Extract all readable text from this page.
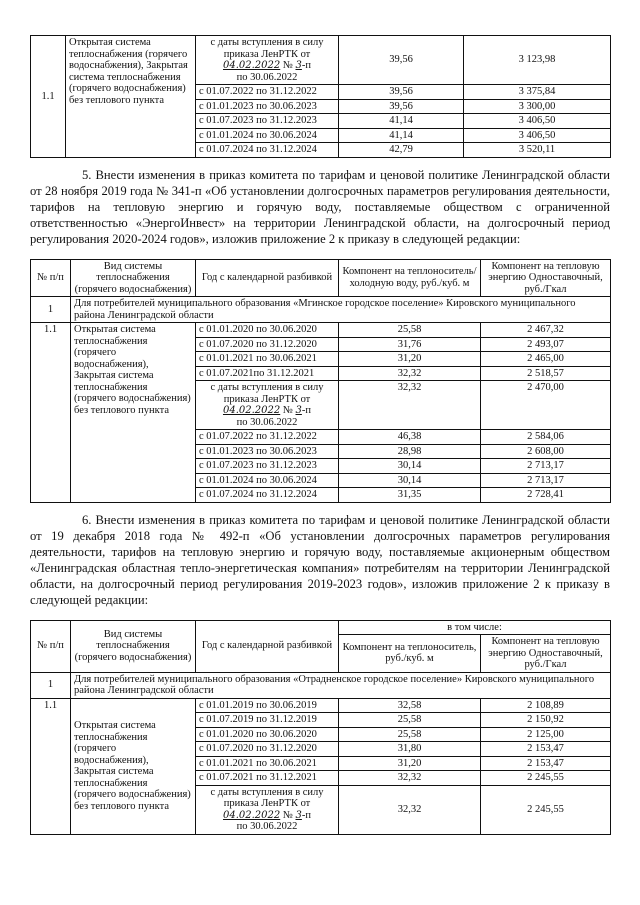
1.1	Открытая система теплоснабжения (горячего водоснабжения), Закрытая система теплоснабжения (горячего водоснабжения) без теплового пункта	с даты вступления в силу приказа ЛенРТК от
04.02.2022 № 3-п
по 30.06.2022	39,56	3 123,98
		с 01.07.2022 по 31.12.2022	39,56	3 375,84
		с 01.01.2023 по 30.06.2023	39,56	3 300,00
		с 01.07.2023 по 31.12.2023	41,14	3 406,50
		с 01.01.2024 по 30.06.2024	41,14	3 406,50
		с 01.07.2024 по 31.12.2024	42,79	3 520,11
5. Внести изменения в приказ комитета по тарифам и ценовой политике Ленинградской области от 28 ноября 2019 года № 341-п «Об установлении долгосрочных параметров регулирования деятельности, тарифов на тепловую энергию и горячую воду, поставляемые обществом с ограниченной ответственностью «ЭнергоИнвест» на территории Ленинградской области, на долгосрочный период регулирования 2020-2024 годов», изложив приложение 2 к приказу в следующей редакции:
№ п/п	Вид системы теплоснабжения (горячего водоснабжения)	Год с календарной разбивкой	Компонент на теплоноситель/холодную воду, руб./куб. м	Компонент на тепловую энергию Одноставочный, руб./Гкал
1	Для потребителей муниципального образования «Мгинское городское поселение» Кировского муниципального района Ленинградской области			
1.1	Открытая система теплоснабжения (горячего водоснабжения), Закрытая система теплоснабжения (горячего водоснабжения) без теплового пункта	с 01.01.2020 по 30.06.2020	25,58	2 467,32
		с 01.07.2020 по 31.12.2020	31,76	2 493,07
		с 01.01.2021 по 30.06.2021	31,20	2 465,00
		с 01.07.2021по 31.12.2021	32,32	2 518,57

		с даты вступления в силу приказа ЛенРТК от
04.02.2022 № 3-п
по 30.06.2022	32,32	2 470,00
		с 01.07.2022 по 31.12.2022	46,38	2 584,06
		с 01.01.2023 по 30.06.2023	28,98	2 608,00
		с 01.07.2023 по 31.12.2023	30,14	2 713,17
		с 01.01.2024 по 30.06.2024	30,14	2 713,17
		с 01.07.2024 по 31.12.2024	31,35	2 728,41
6. Внести изменения в приказ комитета по тарифам и ценовой политике Ленинградской области от 19 декабря 2018 года № 492-п «Об установлении долгосрочных параметров регулирования деятельности, тарифов на тепловую энергию и горячую воду, поставляемые акционерным обществом «Ленинградская областная тепло-энергетическая компания» потребителям на территории Ленинградской области, на долгосрочный период регулирования 2019-2023 годов», изложив приложение 2 к приказу в следующей редакции:
№ п/п	Вид системы теплоснабжения (горячего водоснабжения)	Год с календарной разбивкой	в том числе:	
			Компонент на теплоноситель, руб./куб. м	Компонент на тепловую энергию Одноставочный, руб./Гкал
1	Для потребителей муниципального образования «Отрадненское городское поселение» Кировского муниципального района Ленинградской области			
1.1	Открытая система теплоснабжения (горячего водоснабжения), Закрытая система теплоснабжения (горячего водоснабжения) без теплового пункта	с 01.01.2019 по 30.06.2019	32,58	2 108,89
		с 01.07.2019 по 31.12.2019	25,58	2 150,92
		с 01.01.2020 по 30.06.2020	25,58	2 125,00
		с 01.07.2020 по 31.12.2020	31,80	2 153,47
		с 01.01.2021 по 30.06.2021	31,20	2 153,47
		с 01.07.2021 по 31.12.2021	32,32	2 245,55

		с даты вступления в силу приказа ЛенРТК от
04.02.2022 № 3-п
по 30.06.2022	32,32	2 245,55
